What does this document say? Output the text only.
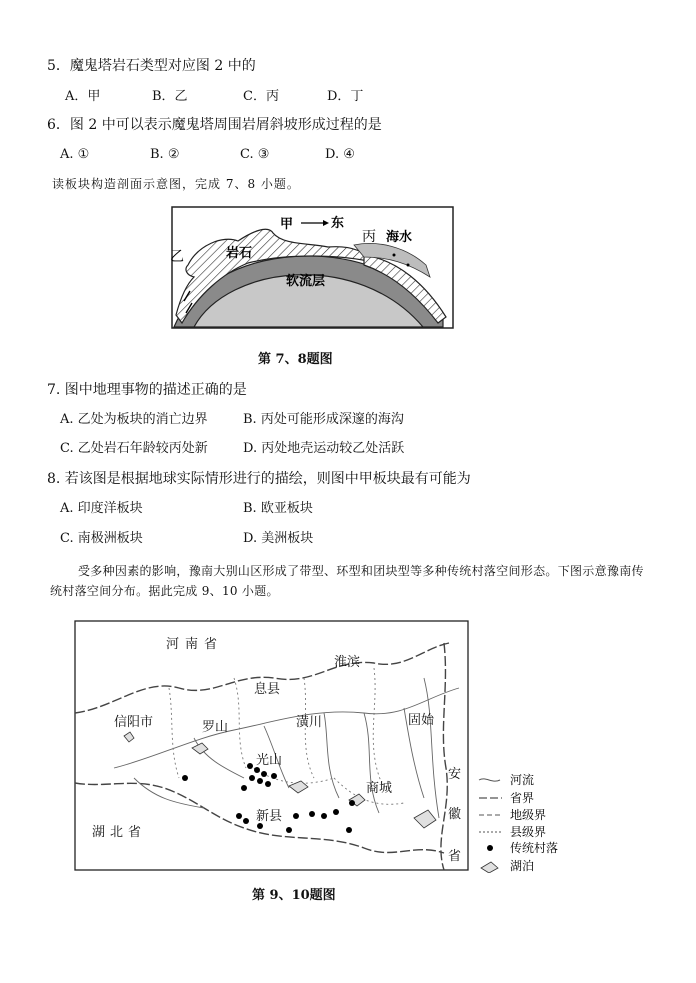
5．魔鬼塔岩石类型对应图 2 中的
A．甲	B．乙	C．丙	D．丁
6．图 2 中可以表示魔鬼塔周围岩屑斜坡形成过程的是
A. ①	B. ②	C. ③	D. ④
读板块构造剖面示意图，完成 7、8 小题。
甲	东
乙	岩石
丙 海水
软流层
第 7、8题图
7. 图中地理事物的描述正确的是
A. 乙处为板块的消亡边界	B. 丙处可能形成深邃的海沟
C. 乙处岩石年龄较丙处新	D. 丙处地壳运动较乙处活跃
8. 若该图是根据地球实际情形进行的描绘，则图中甲板块最有可能为
A. 印度洋板块	B. 欧亚板块
C. 南极洲板块	D. 美洲板块
受多种因素的影响，豫南大别山区形成了带型、环型和团块型等多种传统村落空间形态。下图示意豫南传统村落空间分布。据此完成 9、10 小题。
河南省
淮滨
息县
信阳市	罗山	潢川	固始
光山
商城
新县
湖北省
安
徽
省
河流
省界
地级界
县级界
传统村落
湖泊
第 9、10题图
